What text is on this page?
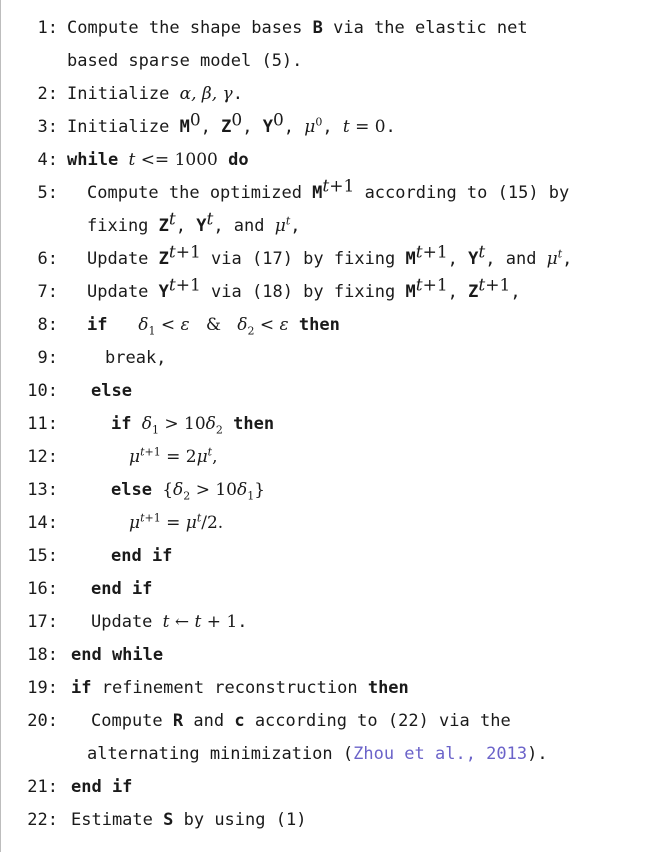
1: Compute the shape bases B via the elastic net
based sparse model (5).
2: Initialize α, β, γ.
3: Initialize $M^0$, $Z^0$, $Y^0$, $\mu^0$, t = 0.
4: while t <= 1000 do
5: Compute the optimized $M^{t+1}$ according to (15) by
fixing $Z^t$, $Y^t$, and $\mu^t$,
6: Update $Z^{t+1}$ via (17) by fixing $M^{t+1}$, $Y^t$, and $\mu^t$,
7: Update $Y^{t+1}$ via (18) by fixing $M^{t+1}$, $Z^{t+1}$,
8: if $\delta_1 < \varepsilon$   &   $\delta_2 < \varepsilon$ then
9:	break,
10: else
11:	if $\delta_1 > 10\delta_2$ then
12:	$\mu^{t+1} = 2\mu^t$,
13:	else $\{\delta_2 > 10\delta_1\}$
14:	$\mu^{t+1} = \mu^t/2$.
15:	end if
16: end if
17: Update t ← t + 1.
18: end while
19: if refinement reconstruction then
20: Compute R and c according to (22) via the
alternating minimization (Zhou et al., 2013).
21: end if
22: Estimate S by using (1)
